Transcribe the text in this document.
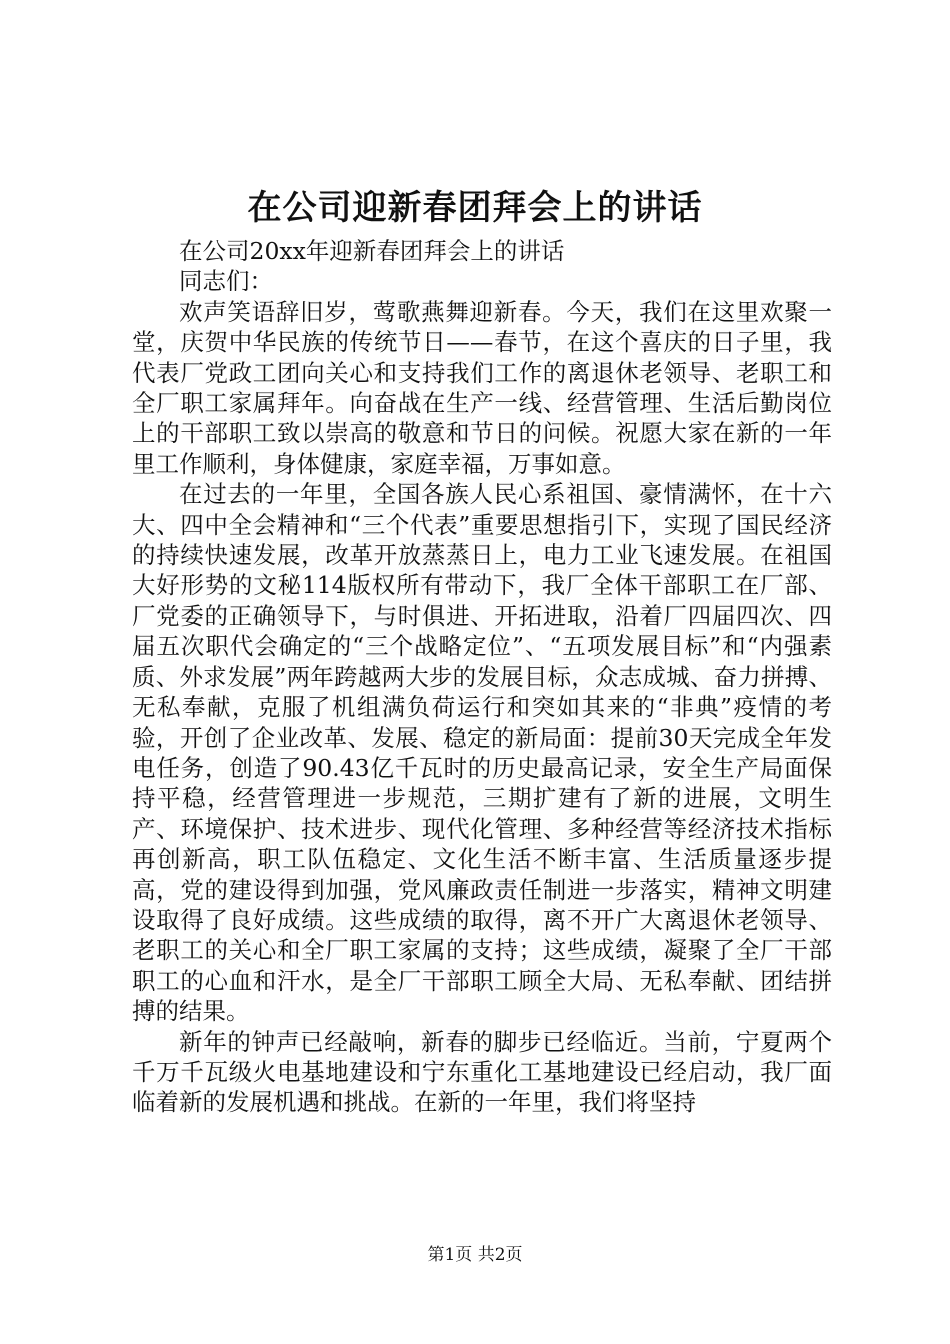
在公司迎新春团拜会上的讲话

在公司20xx年迎新春团拜会上的讲话

同志们：

欢声笑语辞旧岁，莺歌燕舞迎新春。今天，我们在这里欢聚一堂，庆贺中华民族的传统节日——春节，在这个喜庆的日子里，我代表厂党政工团向关心和支持我们工作的离退休老领导、老职工和全厂职工家属拜年。向奋战在生产一线、经营管理、生活后勤岗位上的干部职工致以崇高的敬意和节日的问候。祝愿大家在新的一年里工作顺利，身体健康，家庭幸福，万事如意。

在过去的一年里，全国各族人民心系祖国、豪情满怀，在十六大、四中全会精神和“三个代表”重要思想指引下，实现了国民经济的持续快速发展，改革开放蒸蒸日上，电力工业飞速发展。在祖国大好形势的文秘114版权所有带动下，我厂全体干部职工在厂部、厂党委的正确领导下，与时俱进、开拓进取，沿着厂四届四次、四届五次职代会确定的“三个战略定位”、“五项发展目标”和“内强素质、外求发展”两年跨越两大步的发展目标，众志成城、奋力拼搏、无私奉献，克服了机组满负荷运行和突如其来的“非典”疫情的考验，开创了企业改革、发展、稳定的新局面：提前30天完成全年发电任务，创造了90.43亿千瓦时的历史最高记录，安全生产局面保持平稳，经营管理进一步规范，三期扩建有了新的进展，文明生产、环境保护、技术进步、现代化管理、多种经营等经济技术指标再创新高，职工队伍稳定、文化生活不断丰富、生活质量逐步提高，党的建设得到加强，党风廉政责任制进一步落实，精神文明建设取得了良好成绩。这些成绩的取得，离不开广大离退休老领导、老职工的关心和全厂职工家属的支持；这些成绩，凝聚了全厂干部职工的心血和汗水，是全厂干部职工顾全大局、无私奉献、团结拼搏的结果。

新年的钟声已经敲响，新春的脚步已经临近。当前，宁夏两个千万千瓦级火电基地建设和宁东重化工基地建设已经启动，我厂面临着新的发展机遇和挑战。在新的一年里，我们将坚持

第1页 共2页
